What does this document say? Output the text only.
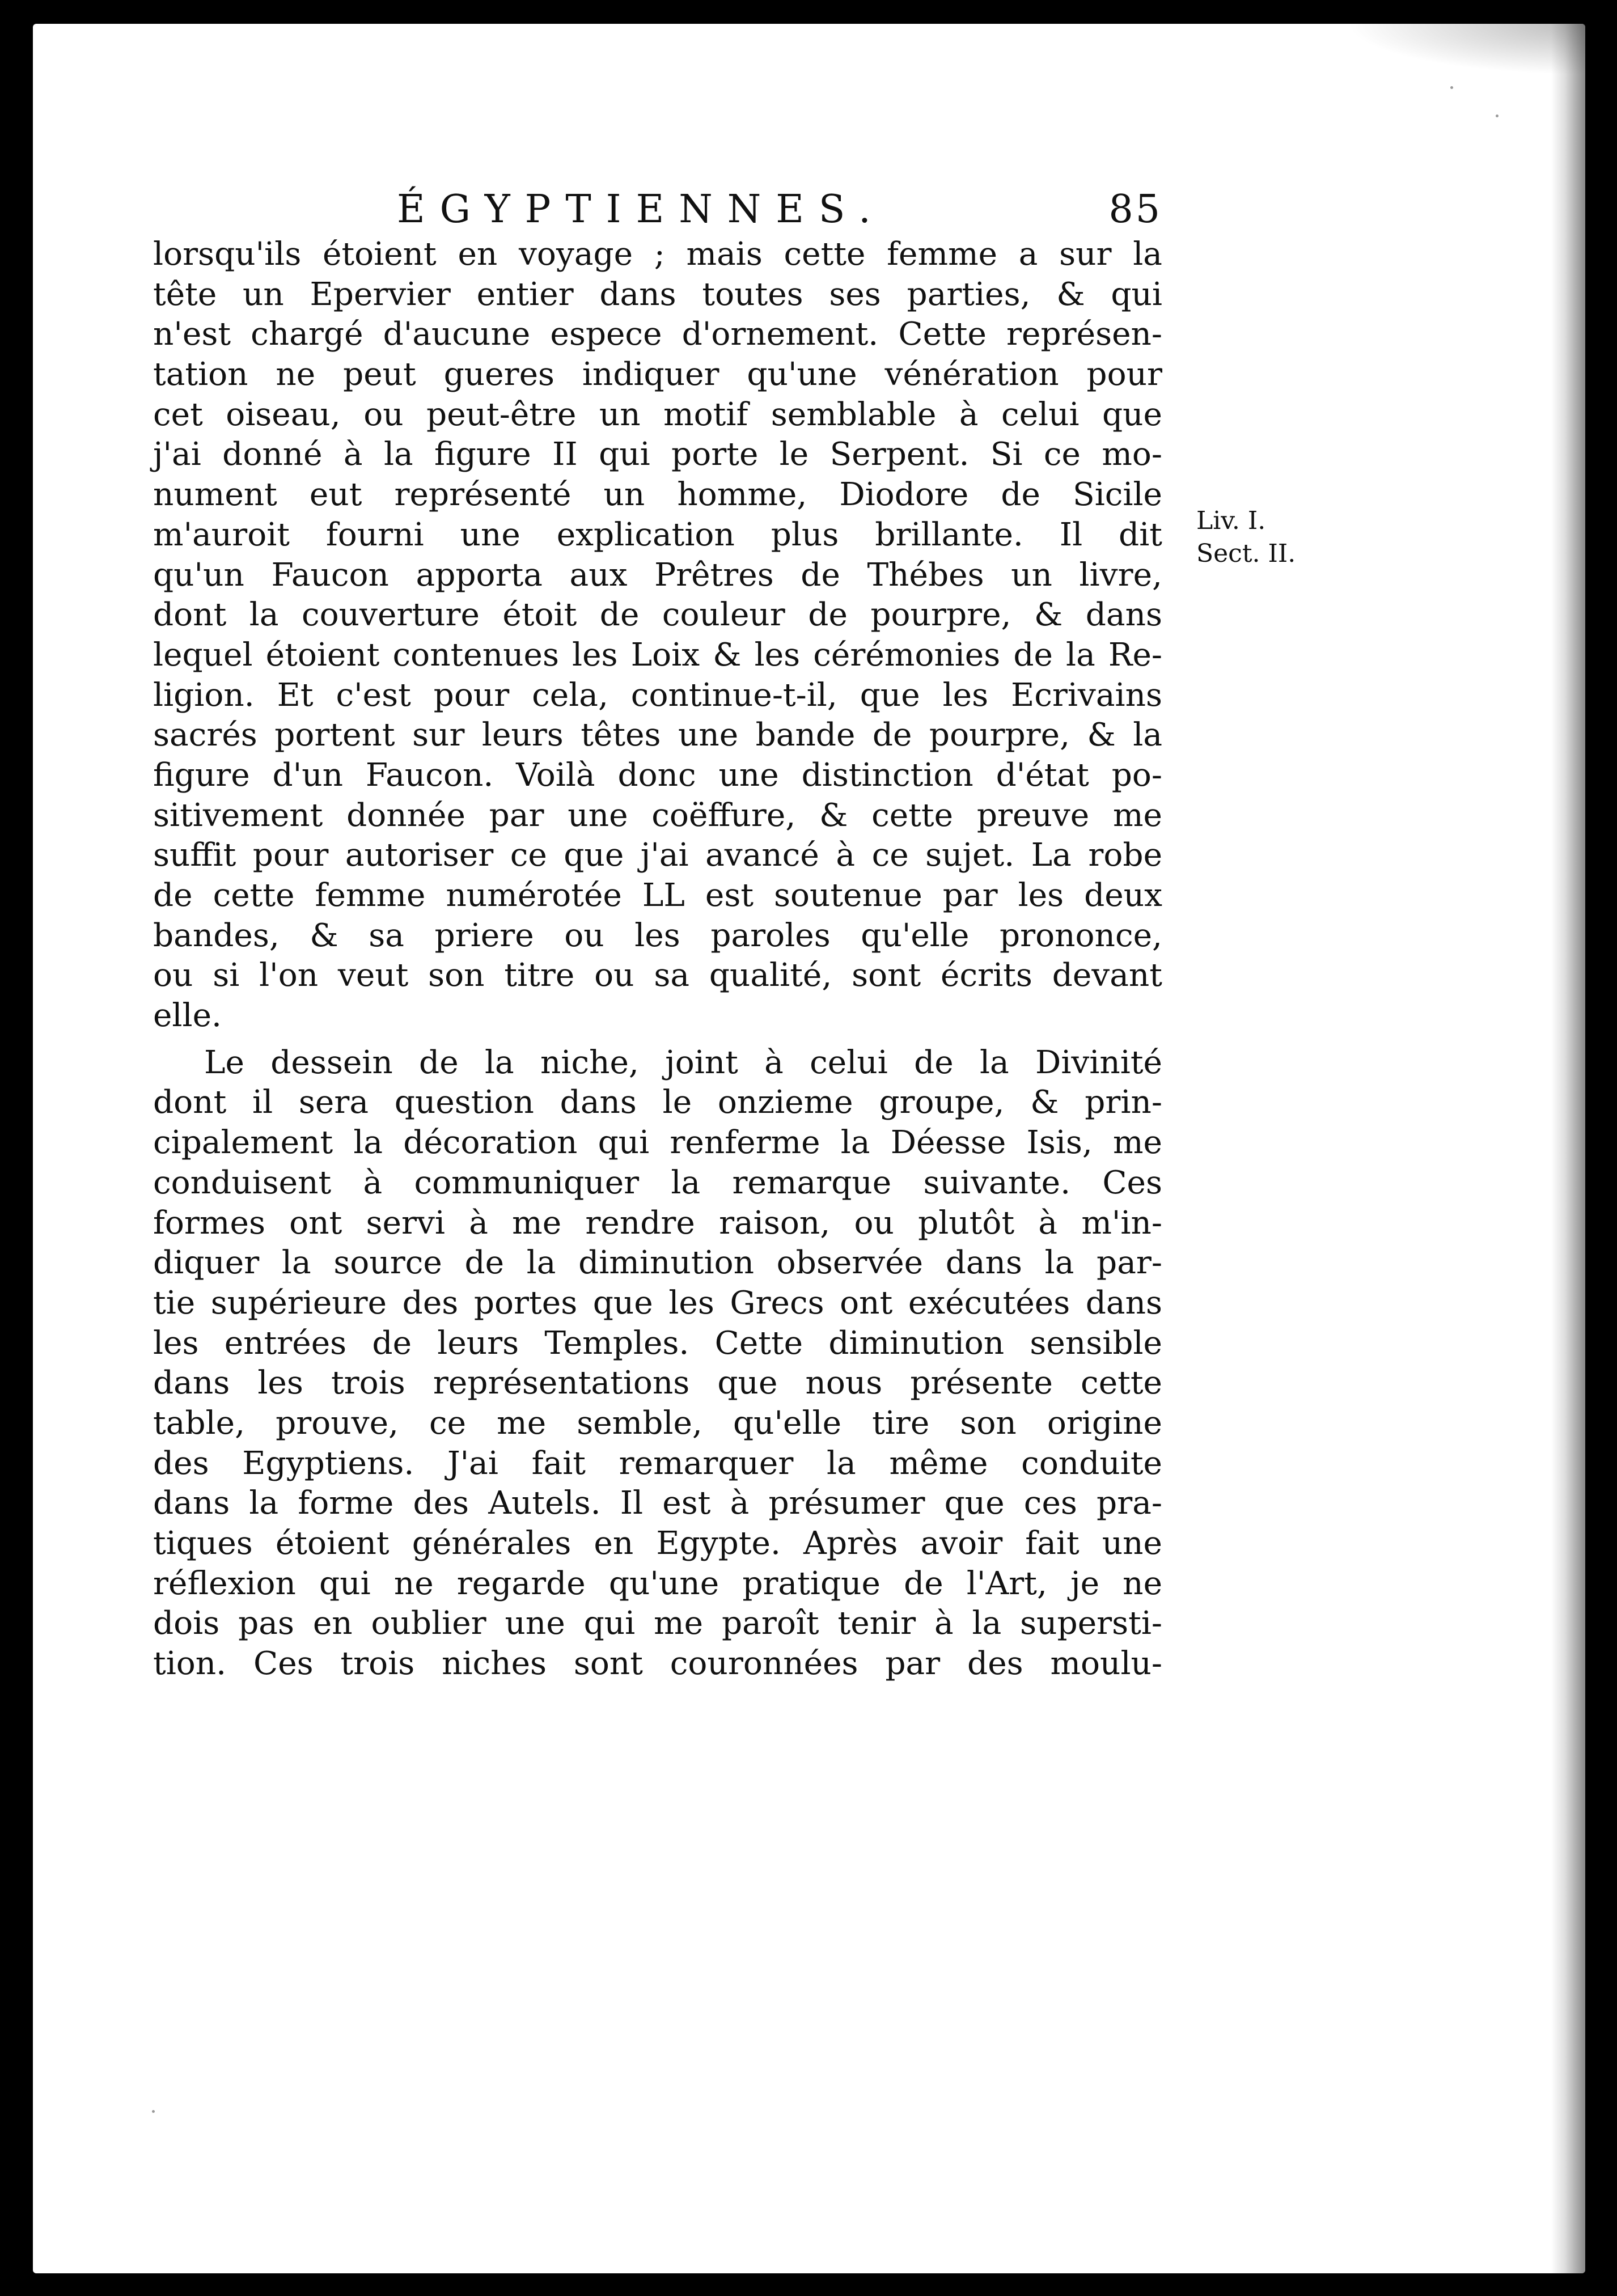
ÉGYPTIENNES.	85
lorsqu'ils étoient en voyage ; mais cette femme a sur la
tête un Epervier entier dans toutes ses parties, & qui
n'est chargé d'aucune espece d'ornement. Cette représen-
tation ne peut gueres indiquer qu'une vénération pour
cet oiseau, ou peut-être un motif semblable à celui que
j'ai donné à la figure II qui porte le Serpent. Si ce mo-
nument eut représenté un homme, Diodore de Sicile
m'auroit fourni une explication plus brillante. Il dit
qu'un Faucon apporta aux Prêtres de Thébes un livre,
dont la couverture étoit de couleur de pourpre, & dans
lequel étoient contenues les Loix & les cérémonies de la Re-
ligion. Et c'est pour cela, continue-t-il, que les Ecrivains
sacrés portent sur leurs têtes une bande de pourpre, & la
figure d'un Faucon. Voilà donc une distinction d'état po-
sitivement donnée par une coëffure, & cette preuve me
suffit pour autoriser ce que j'ai avancé à ce sujet. La robe
de cette femme numérotée LL est soutenue par les deux
bandes, & sa priere ou les paroles qu'elle prononce,
ou si l'on veut son titre ou sa qualité, sont écrits devant
elle.
Le dessein de la niche, joint à celui de la Divinité
dont il sera question dans le onzieme groupe, & prin-
cipalement la décoration qui renferme la Déesse Isis, me
conduisent à communiquer la remarque suivante. Ces
formes ont servi à me rendre raison, ou plutôt à m'in-
diquer la source de la diminution observée dans la par-
tie supérieure des portes que les Grecs ont exécutées dans
les entrées de leurs Temples. Cette diminution sensible
dans les trois représentations que nous présente cette
table, prouve, ce me semble, qu'elle tire son origine
des Egyptiens. J'ai fait remarquer la même conduite
dans la forme des Autels. Il est à présumer que ces pra-
tiques étoient générales en Egypte. Après avoir fait une
réflexion qui ne regarde qu'une pratique de l'Art, je ne
dois pas en oublier une qui me paroît tenir à la supersti-
tion. Ces trois niches sont couronnées par des moulu-
Liv. I.
Sect. II.
